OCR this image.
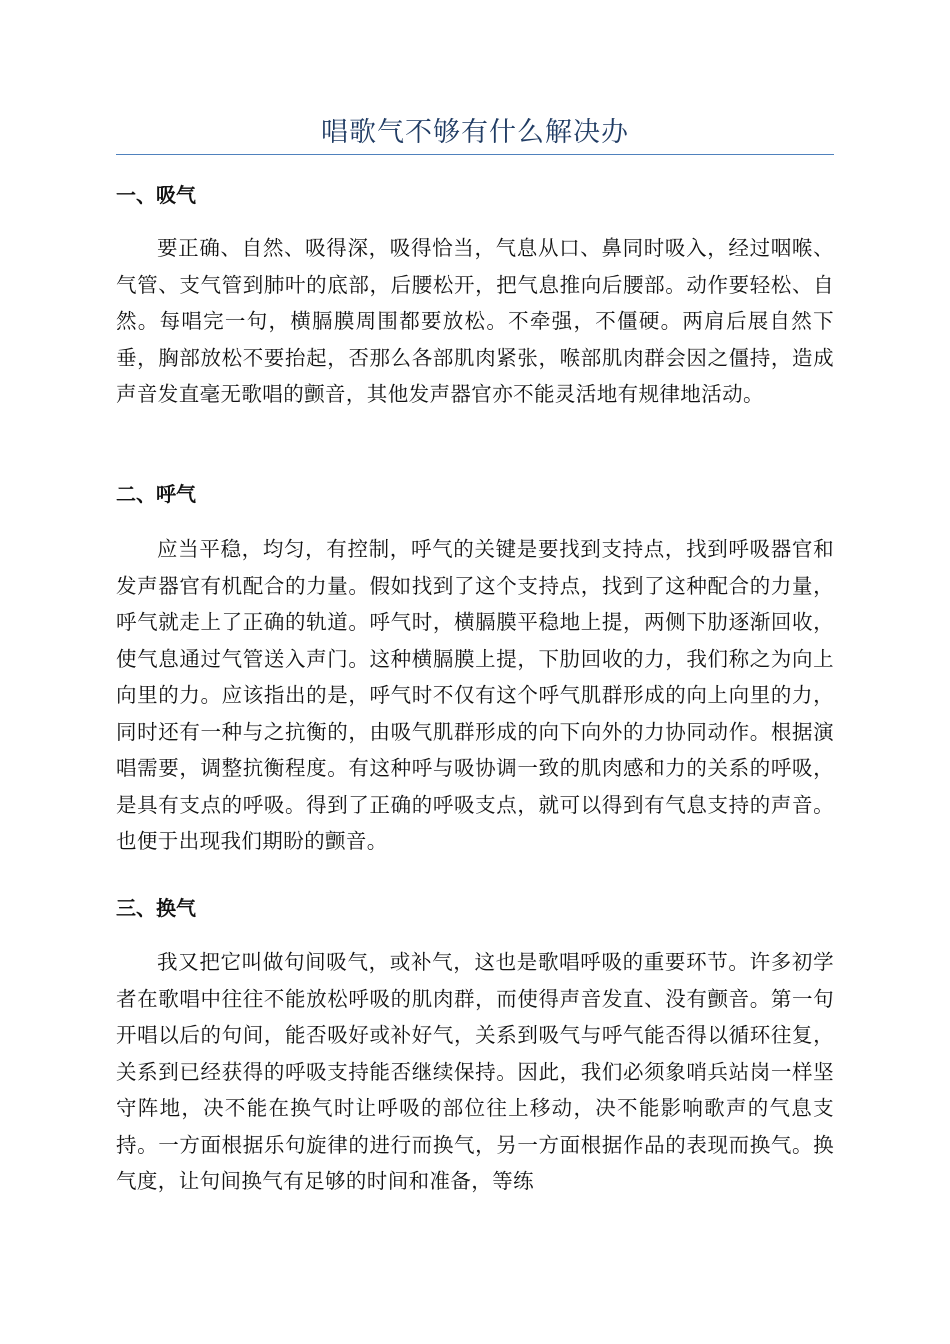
唱歌气不够有什么解决办
一、吸气

要正确、自然、吸得深，吸得恰当，气息从口、鼻同时吸入，经过咽喉、气管、支气管到肺叶的底部，后腰松开，把气息推向后腰部。动作要轻松、自然。每唱完一句，横膈膜周围都要放松。不牵强，不僵硬。两肩后展自然下垂，胸部放松不要抬起，否那么各部肌肉紧张，喉部肌肉群会因之僵持，造成声音发直毫无歌唱的颤音，其他发声器官亦不能灵活地有规律地活动。

二、呼气

应当平稳，均匀，有控制，呼气的关键是要找到支持点，找到呼吸器官和发声器官有机配合的力量。假如找到了这个支持点，找到了这种配合的力量，呼气就走上了正确的轨道。呼气时，横膈膜平稳地上提，两侧下肋逐渐回收，使气息通过气管送入声门。这种横膈膜上提，下肋回收的力，我们称之为向上向里的力。应该指出的是，呼气时不仅有这个呼气肌群形成的向上向里的力，同时还有一种与之抗衡的，由吸气肌群形成的向下向外的力协同动作。根据演唱需要，调整抗衡程度。有这种呼与吸协调一致的肌肉感和力的关系的呼吸，是具有支点的呼吸。得到了正确的呼吸支点，就可以得到有气息支持的声音。也便于出现我们期盼的颤音。

三、换气

我又把它叫做句间吸气，或补气，这也是歌唱呼吸的重要环节。许多初学者在歌唱中往往不能放松呼吸的肌肉群，而使得声音发直、没有颤音。第一句开唱以后的句间，能否吸好或补好气，关系到吸气与呼气能否得以循环往复，关系到已经获得的呼吸支持能否继续保持。因此，我们必须象哨兵站岗一样坚守阵地，决不能在换气时让呼吸的部位往上移动，决不能影响歌声的气息支持。一方面根据乐句旋律的进行而换气，另一方面根据作品的表现而换气。换气度，让句间换气有足够的时间和准备，等练
